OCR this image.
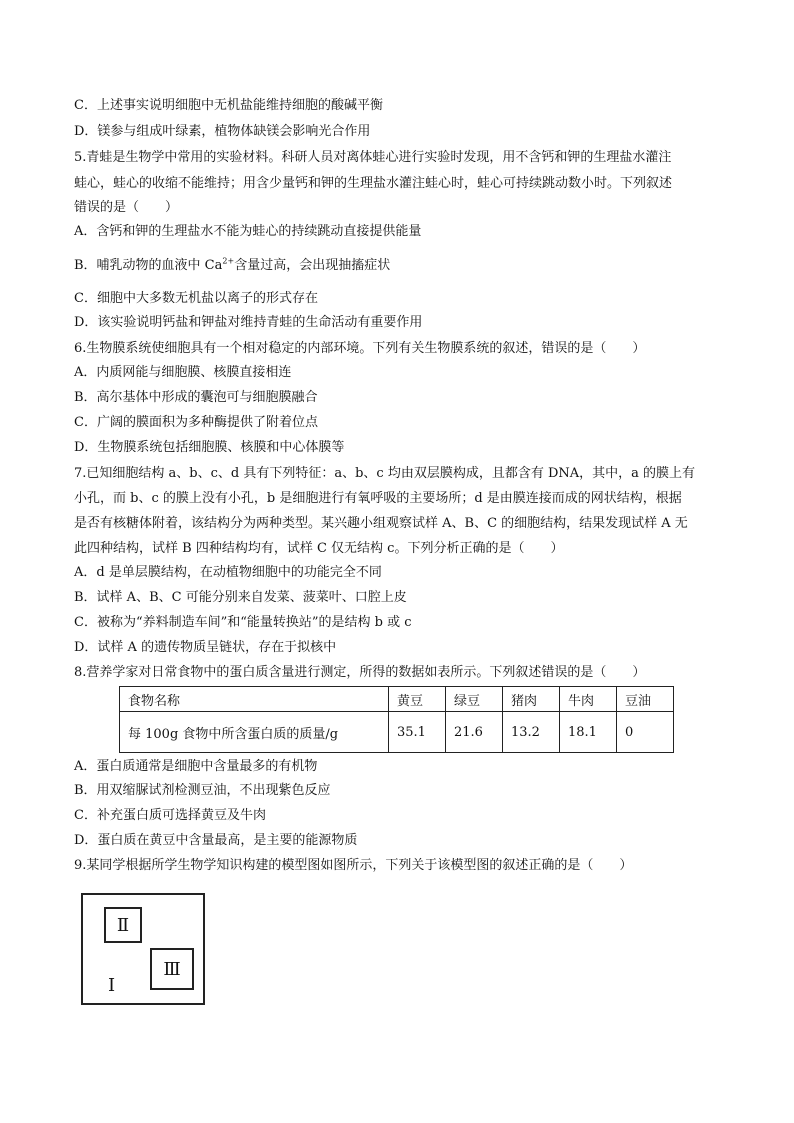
C．上述事实说明细胞中无机盐能维持细胞的酸碱平衡
D．镁参与组成叶绿素，植物体缺镁会影响光合作用
5.青蛙是生物学中常用的实验材料。科研人员对离体蛙心进行实验时发现，用不含钙和钾的生理盐水灌注
蛙心，蛙心的收缩不能维持；用含少量钙和钾的生理盐水灌注蛙心时，蛙心可持续跳动数小时。下列叙述
错误的是（　　）
A．含钙和钾的生理盐水不能为蛙心的持续跳动直接提供能量
B．哺乳动物的血液中 $Ca^{2+}$含量过高，会出现抽搐症状
C．细胞中大多数无机盐以离子的形式存在
D．该实验说明钙盐和钾盐对维持青蛙的生命活动有重要作用
6.生物膜系统使细胞具有一个相对稳定的内部环境。下列有关生物膜系统的叙述，错误的是（　　）
A．内质网能与细胞膜、核膜直接相连
B．高尔基体中形成的囊泡可与细胞膜融合
C．广阔的膜面积为多种酶提供了附着位点
D．生物膜系统包括细胞膜、核膜和中心体膜等
7.已知细胞结构 a、b、c、d 具有下列特征：a、b、c 均由双层膜构成，且都含有 DNA，其中，a 的膜上有
小孔，而 b、c 的膜上没有小孔，b 是细胞进行有氧呼吸的主要场所；d 是由膜连接而成的网状结构，根据
是否有核糖体附着，该结构分为两种类型。某兴趣小组观察试样 A、B、C 的细胞结构，结果发现试样 A 无
此四种结构，试样 B 四种结构均有，试样 C 仅无结构 c。下列分析正确的是（　　）
A．d 是单层膜结构，在动植物细胞中的功能完全不同
B．试样 A、B、C 可能分别来自发菜、菠菜叶、口腔上皮
C．被称为“养料制造车间”和“能量转换站”的是结构 b 或 c
D．试样 A 的遗传物质呈链状，存在于拟核中
8.营养学家对日常食物中的蛋白质含量进行测定，所得的数据如表所示。下列叙述错误的是（　　）
食物名称	黄豆	绿豆	猪肉	牛肉	豆油
每 100g 食物中所含蛋白质的质量/g	35.1	21.6	13.2	18.1	0
A．蛋白质通常是细胞中含量最多的有机物
B．用双缩脲试剂检测豆油，不出现紫色反应
C．补充蛋白质可选择黄豆及牛肉
D．蛋白质在黄豆中含量最高，是主要的能源物质
9.某同学根据所学生物学知识构建的模型图如图所示，下列关于该模型图的叙述正确的是（　　）
Ⅱ
Ⅲ
Ⅰ
